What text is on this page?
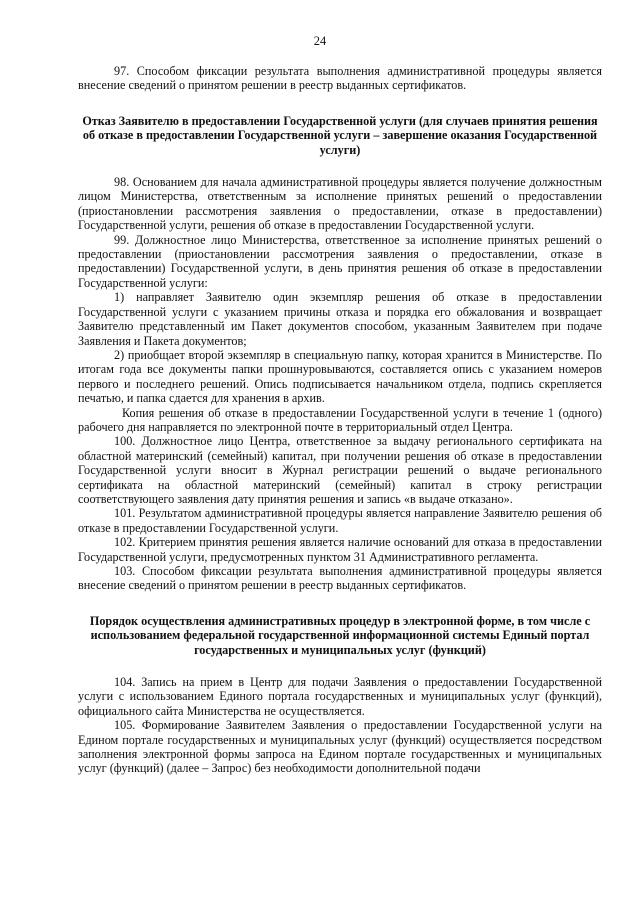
24

97. Способом фиксации результата выполнения административной процедуры является внесение сведений о принятом решении в реестр выданных сертификатов.

Отказ Заявителю в предоставлении Государственной услуги (для случаев принятия решения об отказе в предоставлении Государственной услуги – завершение оказания Государственной услуги)

98. Основанием для начала административной процедуры является получение должностным лицом Министерства, ответственным за исполнение принятых решений о предоставлении (приостановлении рассмотрения заявления о предоставлении, отказе в предоставлении) Государственной услуги, решения об отказе в предоставлении Государственной услуги.

99. Должностное лицо Министерства, ответственное за исполнение принятых решений о предоставлении (приостановлении рассмотрения заявления о предоставлении, отказе в предоставлении) Государственной услуги, в день принятия решения об отказе в предоставлении Государственной услуги:

1) направляет Заявителю один экземпляр решения об отказе в предоставлении Государственной услуги с указанием причины отказа и порядка его обжалования и возвращает Заявителю представленный им Пакет документов способом, указанным Заявителем при подаче Заявления и Пакета документов;

2) приобщает второй экземпляр в специальную папку, которая хранится в Министерстве. По итогам года все документы папки прошнуровываются, составляется опись с указанием номеров первого и последнего решений. Опись подписывается начальником отдела, подпись скрепляется печатью, и папка сдается для хранения в архив.

Копия решения об отказе в предоставлении Государственной услуги в течение 1 (одного) рабочего дня направляется по электронной почте в территориальный отдел Центра.

100. Должностное лицо Центра, ответственное за выдачу регионального сертификата на областной материнский (семейный) капитал, при получении решения об отказе в предоставлении Государственной услуги вносит в Журнал регистрации решений о выдаче регионального сертификата на областной материнский (семейный) капитал в строку регистрации соответствующего заявления дату принятия решения и запись «в выдаче отказано».

101. Результатом административной процедуры является направление Заявителю решения об отказе в предоставлении Государственной услуги.

102. Критерием принятия решения является наличие оснований для отказа в предоставлении Государственной услуги, предусмотренных пунктом 31 Административного регламента.

103. Способом фиксации результата выполнения административной процедуры является внесение сведений о принятом решении в реестр выданных сертификатов.

Порядок осуществления административных процедур в электронной форме, в том числе с использованием федеральной государственной информационной системы Единый портал государственных и муниципальных услуг (функций)

104. Запись на прием в Центр для подачи Заявления о предоставлении Государственной услуги с использованием Единого портала государственных и муниципальных услуг (функций), официального сайта Министерства не осуществляется.

105. Формирование Заявителем Заявления о предоставлении Государственной услуги на Едином портале государственных и муниципальных услуг (функций) осуществляется посредством заполнения электронной формы запроса на Едином портале государственных и муниципальных услуг (функций) (далее – Запрос) без необходимости дополнительной подачи
